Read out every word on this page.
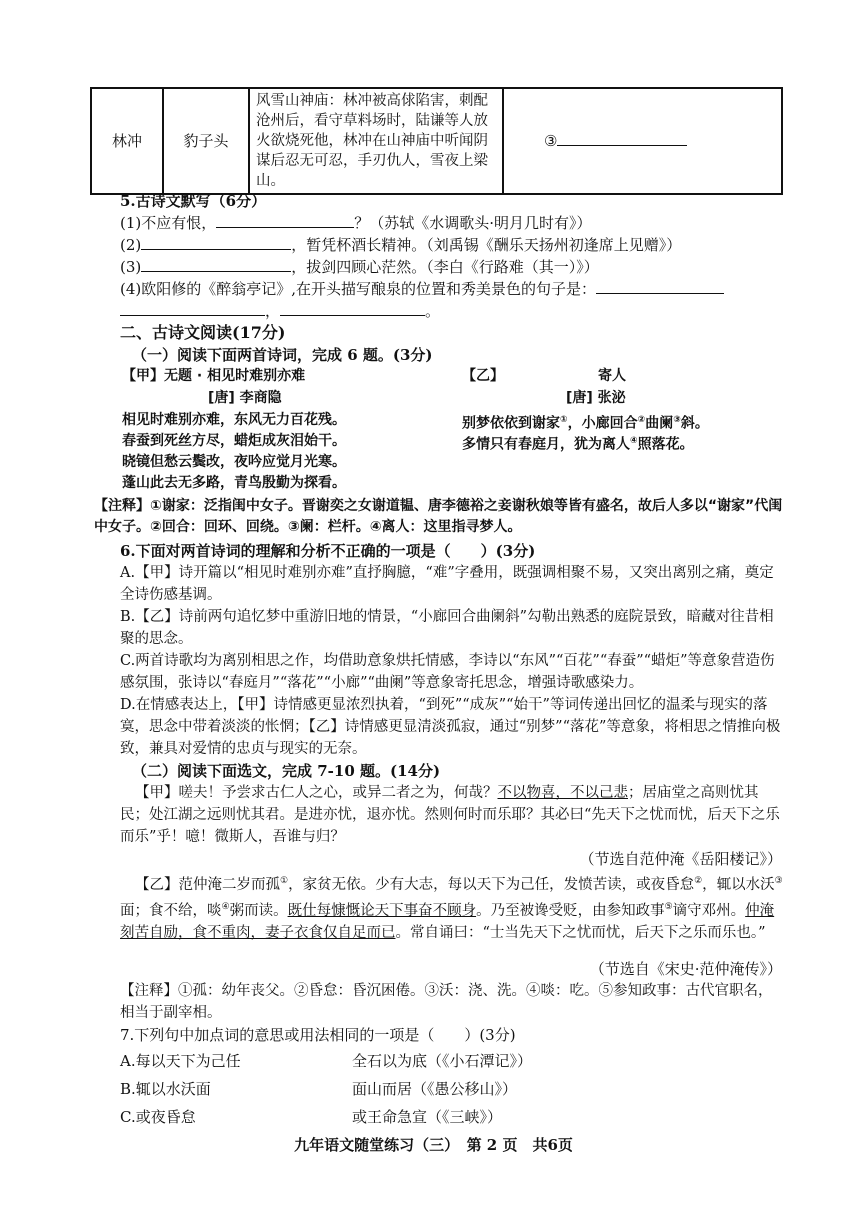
林冲	豹子头	风雪山神庙：林冲被高俅陷害，刺配沧州后，看守草料场时，陆谦等人放火欲烧死他，林冲在山神庙中听闻阴谋后忍无可忍，手刃仇人，雪夜上梁山。	③
5.古诗文默写（6分）
(1)不应有恨，	？（苏轼《水调歌头·明月几时有》）
(2)	，暂凭杯酒长精神。（刘禹锡《酬乐天扬州初逢席上见赠》）
(3)	，拔剑四顾心茫然。（李白《行路难（其一）》）
(4)欧阳修的《醉翁亭记》,在开头描写酿泉的位置和秀美景色的句子是：
，	。
二、古诗文阅读(17分)
（一）阅读下面两首诗词，完成 6 题。(3分)
【甲】无题 · 相见时难别亦难
[唐] 李商隐
相见时难别亦难，东风无力百花残。
春蚕到死丝方尽，蜡炬成灰泪始干。
晓镜但愁云鬓改，夜吟应觉月光寒。
蓬山此去无多路，青鸟殷勤为探看。
【乙】	寄人
[唐] 张泌
别梦依依到谢家①，小廊回合②曲阑③斜。
多情只有春庭月，犹为离人④照落花。
【注释】①谢家：泛指闺中女子。晋谢奕之女谢道韫、唐李德裕之妾谢秋娘等皆有盛名，故后人多以“谢家”代闺中女子。②回合：回环、回绕。③阑：栏杆。④离人：这里指寻梦人。
6.下面对两首诗词的理解和分析不正确的一项是（　　）(3分)
A.【甲】诗开篇以“相见时难别亦难”直抒胸臆，“难”字叠用，既强调相聚不易，又突出离别之痛，奠定全诗伤感基调。
B.【乙】诗前两句追忆梦中重游旧地的情景，“小廊回合曲阑斜”勾勒出熟悉的庭院景致，暗藏对往昔相聚的思念。
C.两首诗歌均为离别相思之作，均借助意象烘托情感，李诗以“东风”“百花”“春蚕”“蜡炬”等意象营造伤感氛围，张诗以“春庭月”“落花”“小廊”“曲阑”等意象寄托思念，增强诗歌感染力。
D.在情感表达上，【甲】诗情感更显浓烈执着，“到死”“成灰”“始干”等词传递出回忆的温柔与现实的落寞，思念中带着淡淡的怅惘；【乙】诗情感更显清淡孤寂，通过“别梦”“落花”等意象，将相思之情推向极致，兼具对爱情的忠贞与现实的无奈。
（二）阅读下面选文，完成 7-10 题。(14分)
【甲】嗟夫！予尝求古仁人之心，或异二者之为，何哉？不以物喜，不以己悲；居庙堂之高则忧其民；处江湖之远则忧其君。是进亦忧，退亦忧。然则何时而乐耶？其必曰“先天下之忧而忧，后天下之乐而乐”乎！噫！微斯人，吾谁与归？
（节选自范仲淹《岳阳楼记》）
【乙】范仲淹二岁而孤①，家贫无依。少有大志，每以天下为己任，发愤苦读，或夜昏怠②，辄以水沃③面；食不给，啖④粥而读。既仕每慷慨论天下事奋不顾身。乃至被谗受贬，由参知政事⑤谪守邓州。仲淹刻苦自励，食不重肉，妻子衣食仅自足而已。常自诵曰：“士当先天下之忧而忧，后天下之乐而乐也。”
（节选自《宋史·范仲淹传》）
【注释】①孤：幼年丧父。②昏怠：昏沉困倦。③沃：浇、洗。④啖：吃。⑤参知政事：古代官职名，相当于副宰相。
7.下列句中加点词的意思或用法相同的一项是（　　）(3分)
A.每以天下为己任	全石以为底（《小石潭记》）
B.辄以水沃面	面山而居（《愚公移山》）
C.或夜昏怠	或王命急宣（《三峡》）
九年语文随堂练习（三）　第 2 页　共6页
